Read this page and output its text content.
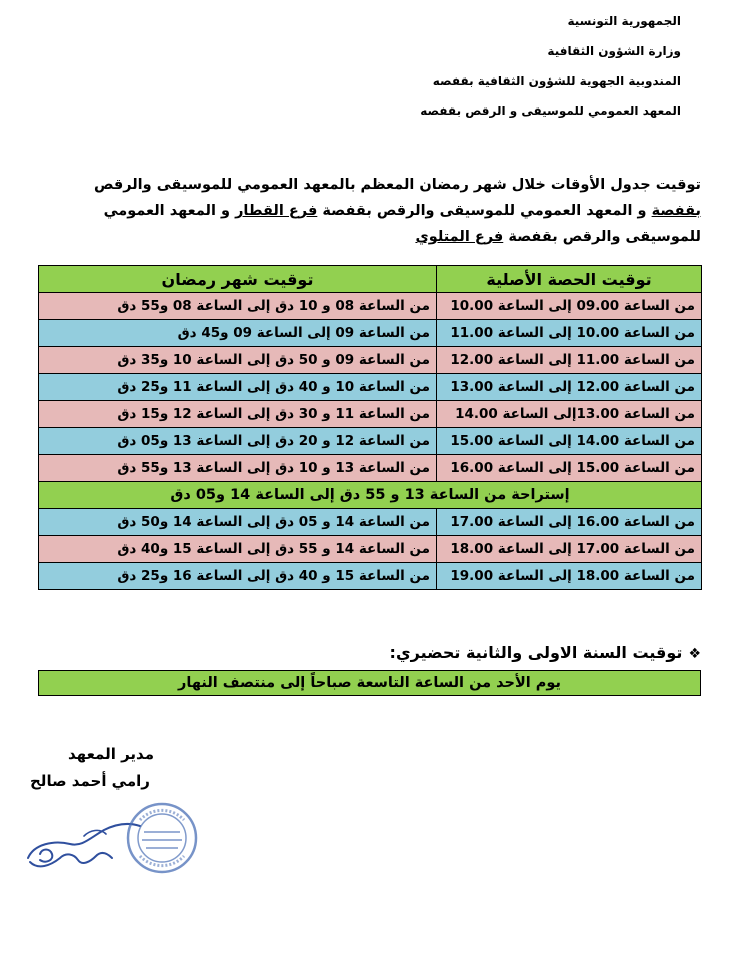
الجمهورية التونسية
وزارة الشؤون الثقافية
المندوبية الجهوية للشؤون الثقافية بقفصه
المعهد العمومي للموسيقى و الرقص بقفصه
توقيت جدول الأوقات خلال شهر رمضان المعظم بالمعهد العمومي للموسيقى والرقص بقفصة و المعهد العمومي للموسيقى والرقص بقفصة فرع القطار و المعهد العمومي للموسيقى والرقص بقفصة فرع المتلوي
توقيت الحصة الأصلية	توقيت شهر رمضان
من الساعة 09.00 إلى الساعة 10.00	من الساعة 08 و 10 دق إلى الساعة 08 و55 دق
من الساعة 10.00 إلى الساعة 11.00	من الساعة 09 إلى الساعة 09 و45 دق
من الساعة 11.00 إلى الساعة 12.00	من الساعة 09 و 50 دق إلى الساعة 10 و35 دق
من الساعة 12.00 إلى الساعة 13.00	من الساعة 10 و 40 دق إلى الساعة 11 و25 دق
من الساعة 13.00إلى الساعة 14.00	من الساعة 11 و 30 دق إلى الساعة 12 و15 دق
من الساعة 14.00 إلى الساعة 15.00	من الساعة 12 و 20 دق إلى الساعة 13 و05 دق
من الساعة 15.00 إلى الساعة 16.00	من الساعة 13 و 10 دق إلى الساعة 13 و55 دق
إستراحة من الساعة 13 و 55 دق إلى الساعة 14 و05 دق	
من الساعة 16.00 إلى الساعة 17.00	من الساعة 14 و 05 دق إلى الساعة 14 و50 دق
من الساعة 17.00 إلى الساعة 18.00	من الساعة 14 و 55 دق إلى الساعة 15 و40 دق
من الساعة 18.00 إلى الساعة 19.00	من الساعة 15 و 40 دق إلى الساعة 16 و25 دق
❖توقيت السنة الاولى والثانية تحضيري:
يوم الأحد من الساعة التاسعة صباحاً إلى منتصف النهار
مدير المعهد
رامي أحمد صالح
